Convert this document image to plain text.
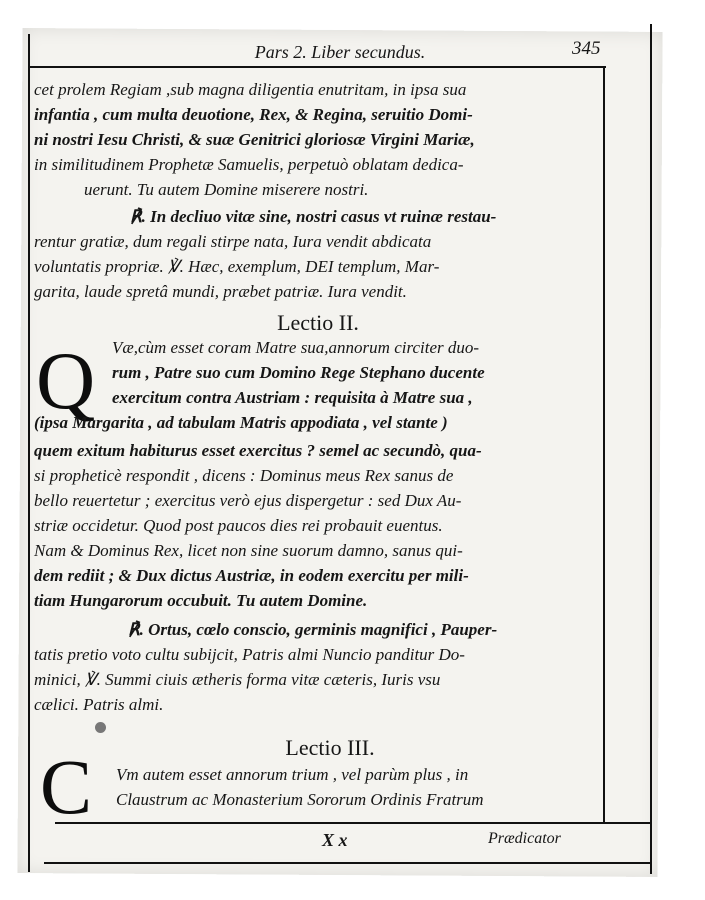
Pars 2. Liber secundus.	345
cet prolem Regiam ,sub magna diligentia enutritam, in ipsa sua
infantia , cum multa deuotione, Rex, & Regina, seruitio Domi-
ni nostri Iesu Christi, & suæ Genitrici gloriosæ Virgini Mariæ,
in similitudinem Prophetæ Samuelis, perpetuò oblatam dedica-
uerunt. Tu autem Domine miserere nostri.
℟. In decliuo vitæ sine, nostri casus vt ruinæ restau-
rentur gratiæ, dum regali stirpe nata, Iura vendit abdicata
voluntatis propriæ. ℣. Hæc, exemplum, DEI templum, Mar-
garita, laude spretâ mundi, præbet patriæ. Iura vendit.
Lectio II.
Q Væ,cùm esset coram Matre sua,annorum circiter duo-
rum , Patre suo cum Domino Rege Stephano ducente
exercitum contra Austriam : requisita à Matre sua ,
(ipsa Margarita , ad tabulam Matris appodiata , vel stante )
quem exitum habiturus esset exercitus ? semel ac secundò, qua-
si propheticè respondit , dicens : Dominus meus Rex sanus de
bello reuertetur ; exercitus verò ejus dispergetur : sed Dux Au-
striæ occidetur. Quod post paucos dies rei probauit euentus.
Nam & Dominus Rex, licet non sine suorum damno, sanus qui-
dem rediit ; & Dux dictus Austriæ, in eodem exercitu per mili-
tiam Hungarorum occubuit. Tu autem Domine.
℟. Ortus, cœlo conscio, germinis magnifici , Pauper-
tatis pretio voto cultu subijcit, Patris almi Nuncio panditur Do-
minici, ℣. Summi ciuis ætheris forma vitæ cæteris, Iuris vsu
cælici. Patris almi.
Lectio III.
C Vm autem esset annorum trium , vel parùm plus , in
Claustrum ac Monasterium Sororum Ordinis Fratrum
X x	Prædicator
